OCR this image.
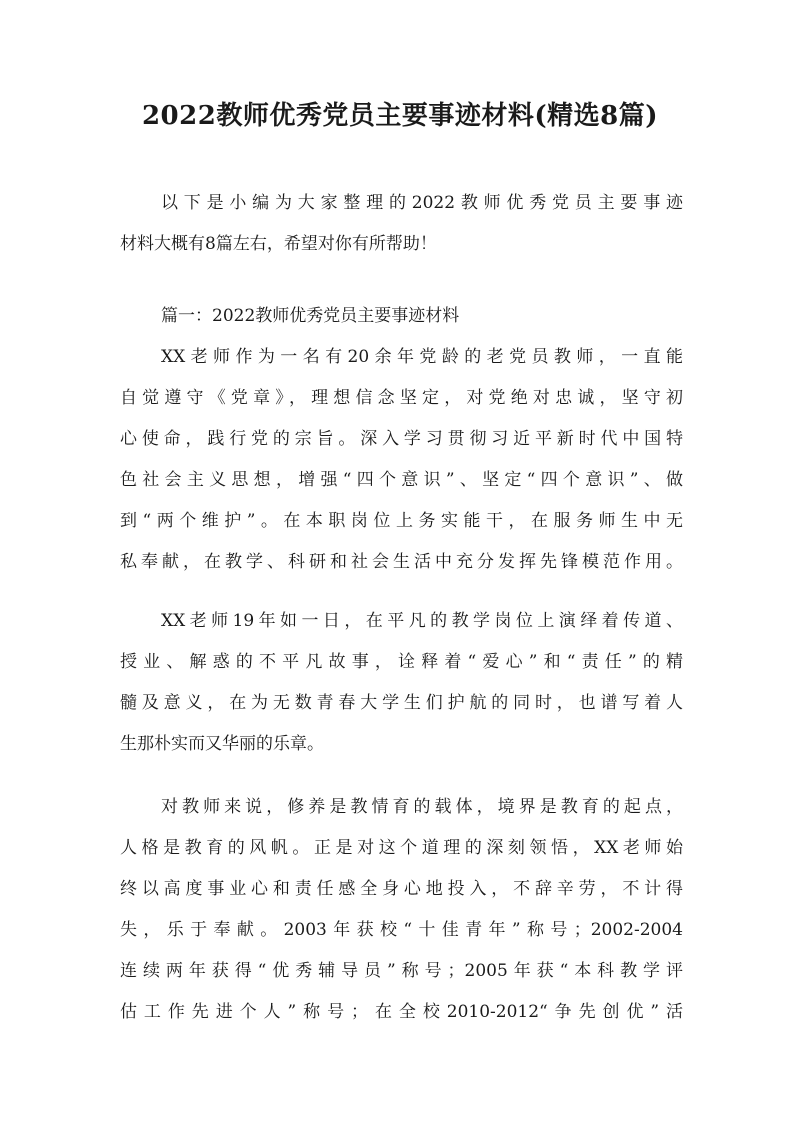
2022教师优秀党员主要事迹材料(精选8篇)
以下是小编为大家整理的2022教师优秀党员主要事迹
材料大概有8篇左右，希望对你有所帮助！
篇一：2022教师优秀党员主要事迹材料
XX老师作为一名有20余年党龄的老党员教师，一直能
自觉遵守《党章》，理想信念坚定，对党绝对忠诚，坚守初
心使命，践行党的宗旨。深入学习贯彻习近平新时代中国特
色社会主义思想，增强“四个意识”、坚定“四个意识”、做
到“两个维护”。在本职岗位上务实能干，在服务师生中无
私奉献，在教学、科研和社会生活中充分发挥先锋模范作用。
XX老师19年如一日，在平凡的教学岗位上演绎着传道、
授业、解惑的不平凡故事，诠释着“爱心”和“责任”的精
髓及意义，在为无数青春大学生们护航的同时，也谱写着人
生那朴实而又华丽的乐章。
对教师来说，修养是教情育的载体，境界是教育的起点，
人格是教育的风帆。正是对这个道理的深刻领悟，XX老师始
终以高度事业心和责任感全身心地投入，不辞辛劳，不计得
失，乐于奉献。2003年获校“十佳青年”称号；2002-2004
连续两年获得“优秀辅导员”称号；2005年获“本科教学评
估工作先进个人”称号；在全校2010-2012“争先创优”活
